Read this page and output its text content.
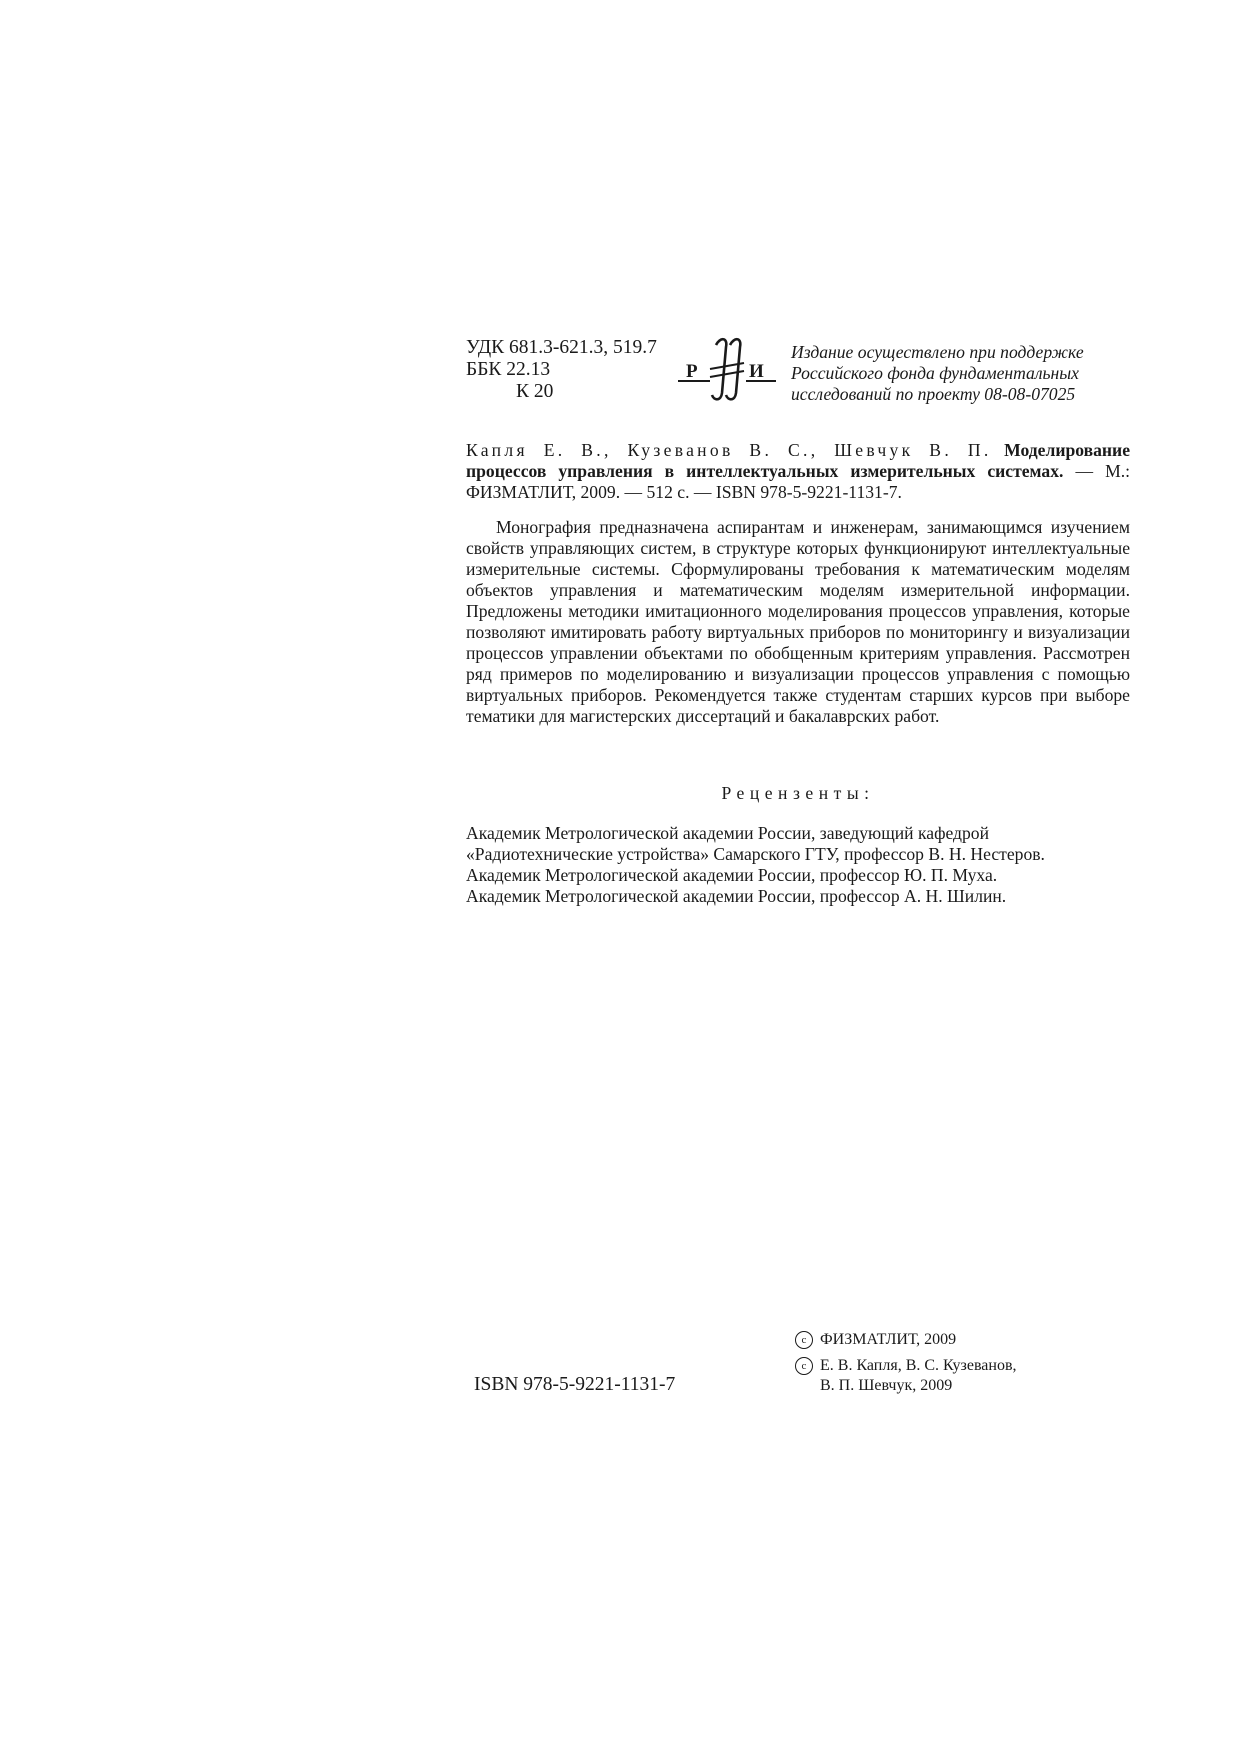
УДК 681.3-621.3, 519.7
ББК 22.13
К 20
Р	И
Издание осуществлено при поддержке
Российского фонда фундаментальных
исследований по проекту 08-08-07025
Капля Е. В., Кузеванов В. С., Шевчук В. П. Моделирование процессов управления в интеллектуальных измерительных системах. — М.: ФИЗМАТЛИТ, 2009. — 512 с. — ISBN 978-5-9221-1131-7.

Монография предназначена аспирантам и инженерам, занимающимся изучением свойств управляющих систем, в структуре которых функционируют интеллектуальные измерительные системы. Сформулированы требования к математическим моделям объектов управления и математическим моделям измерительной информации. Предложены методики имитационного моделирования процессов управления, которые позволяют имитировать работу виртуальных приборов по мониторингу и визуализации процессов управлении объектами по обобщенным критериям управления. Рассмотрен ряд примеров по моделированию и визуализации процессов управления с помощью виртуальных приборов. Рекомендуется также студентам старших курсов при выборе тематики для магистерских диссертаций и бакалаврских работ.

Рецензенты:
Академик Метрологической академии России, заведующий кафедрой
«Радиотехнические устройства» Самарского ГТУ, профессор В. Н. Нестеров.
Академик Метрологической академии России, профессор Ю. П. Муха.
Академик Метрологической академии России, профессор А. Н. Шилин.
ISBN 978-5-9221-1131-7
c ФИЗМАТЛИТ, 2009
c Е. В. Капля, В. С. Кузеванов,
В. П. Шевчук, 2009
